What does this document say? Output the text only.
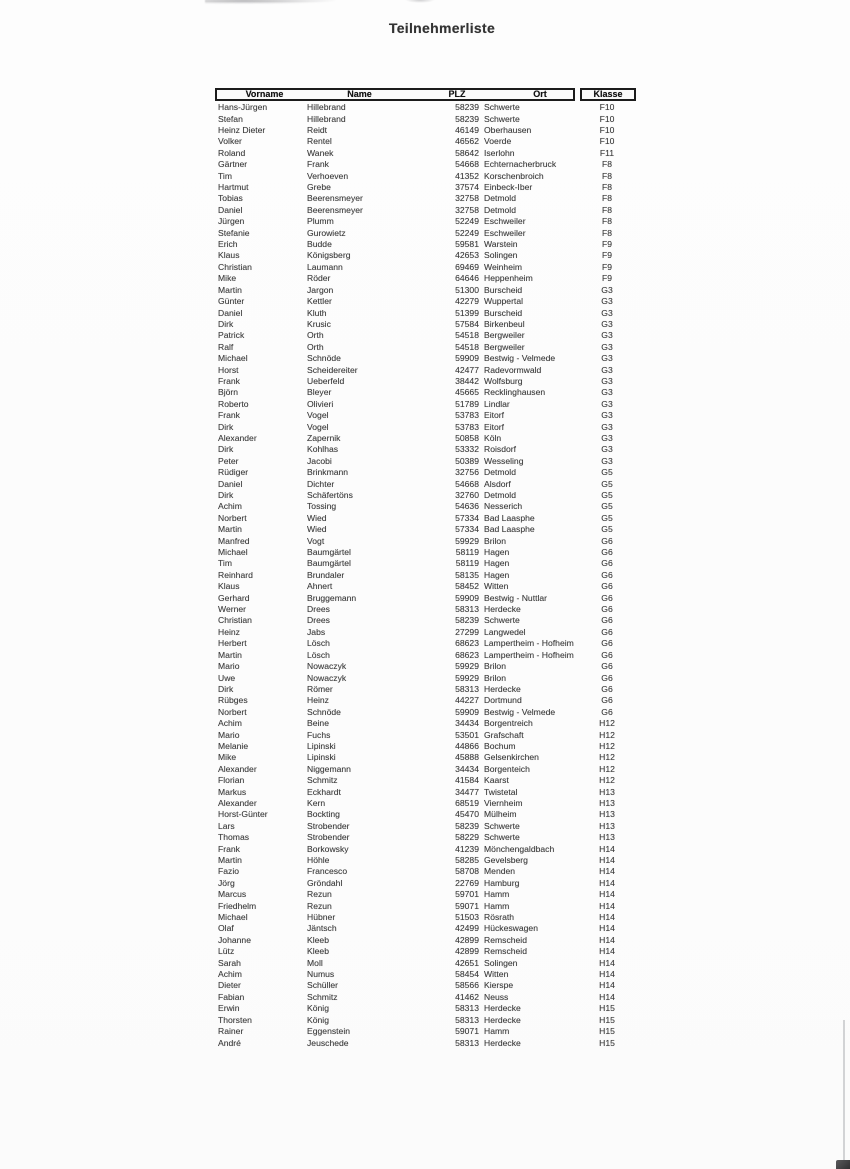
Teilnehmerliste
Vorname	Name	PLZ	Ort	Klasse
Hans-Jürgen	Hillebrand	58239 Schwerte	F10
Stefan	Hillebrand	58239 Schwerte	F10
Heinz Dieter	Reidt	46149 Oberhausen	F10
Volker	Rentel	46562 Voerde	F10
Roland	Wanek	58642 Iserlohn	F11
Gärtner	Frank	54668 Echternacherbruck	F8
Tim	Verhoeven	41352 Korschenbroich	F8
Hartmut	Grebe	37574 Einbeck-Iber	F8
Tobias	Beerensmeyer	32758 Detmold	F8
Daniel	Beerensmeyer	32758 Detmold	F8
Jürgen	Plumm	52249 Eschweiler	F8
Stefanie	Gurowietz	52249 Eschweiler	F8
Erich	Budde	59581 Warstein	F9
Klaus	Königsberg	42653 Solingen	F9
Christian	Laumann	69469 Weinheim	F9
Mike	Röder	64646 Heppenheim	F9
Martin	Jargon	51300 Burscheid	G3
Günter	Kettler	42279 Wuppertal	G3
Daniel	Kluth	51399 Burscheid	G3
Dirk	Krusic	57584 Birkenbeul	G3
Patrick	Orth	54518 Bergweiler	G3
Ralf	Orth	54518 Bergweiler	G3
Michael	Schnöde	59909 Bestwig - Velmede	G3
Horst	Scheidereiter	42477 Radevormwald	G3
Frank	Ueberfeld	38442 Wolfsburg	G3
Björn	Bleyer	45665 Recklinghausen	G3
Roberto	Olivieri	51789 Lindlar	G3
Frank	Vogel	53783 Eitorf	G3
Dirk	Vogel	53783 Eitorf	G3
Alexander	Zapernik	50858 Köln	G3
Dirk	Kohlhas	53332 Roisdorf	G3
Peter	Jacobi	50389 Wesseling	G3
Rüdiger	Brinkmann	32756 Detmold	G5
Daniel	Dichter	54668 Alsdorf	G5
Dirk	Schäfertöns	32760 Detmold	G5
Achim	Tossing	54636 Nesserich	G5
Norbert	Wied	57334 Bad Laasphe	G5
Martin	Wied	57334 Bad Laasphe	G5
Manfred	Vogt	59929 Brilon	G6
Michael	Baumgärtel	58119 Hagen	G6
Tim	Baumgärtel	58119 Hagen	G6
Reinhard	Brundaler	58135 Hagen	G6
Klaus	Ahnert	58452 Witten	G6
Gerhard	Bruggemann	59909 Bestwig - Nuttlar	G6
Werner	Drees	58313 Herdecke	G6
Christian	Drees	58239 Schwerte	G6
Heinz	Jabs	27299 Langwedel	G6
Herbert	Lösch	68623 Lampertheim - Hofheim	G6
Martin	Lösch	68623 Lampertheim - Hofheim	G6
Mario	Nowaczyk	59929 Brilon	G6
Uwe	Nowaczyk	59929 Brilon	G6
Dirk	Römer	58313 Herdecke	G6
Rübges	Heinz	44227 Dortmund	G6
Norbert	Schnöde	59909 Bestwig - Velmede	G6
Achim	Beine	34434 Borgentreich	H12
Mario	Fuchs	53501 Grafschaft	H12
Melanie	Lipinski	44866 Bochum	H12
Mike	Lipinski	45888 Gelsenkirchen	H12
Alexander	Niggemann	34434 Borgenteich	H12
Florian	Schmitz	41584 Kaarst	H12
Markus	Eckhardt	34477 Twistetal	H13
Alexander	Kern	68519 Viernheim	H13
Horst-Günter	Bockting	45470 Mülheim	H13
Lars	Strobender	58239 Schwerte	H13
Thomas	Strobender	58229 Schwerte	H13
Frank	Borkowsky	41239 Mönchengaldbach	H14
Martin	Höhle	58285 Gevelsberg	H14
Fazio	Francesco	58708 Menden	H14
Jörg	Gröndahl	22769 Hamburg	H14
Marcus	Rezun	59701 Hamm	H14
Friedhelm	Rezun	59071 Hamm	H14
Michael	Hübner	51503 Rösrath	H14
Olaf	Jäntsch	42499 Hückeswagen	H14
Johanne	Kleeb	42899 Remscheid	H14
Lütz	Kleeb	42899 Remscheid	H14
Sarah	Moll	42651 Solingen	H14
Achim	Numus	58454 Witten	H14
Dieter	Schüller	58566 Kierspe	H14
Fabian	Schmitz	41462 Neuss	H14
Erwin	König	58313 Herdecke	H15
Thorsten	König	58313 Herdecke	H15
Rainer	Eggenstein	59071 Hamm	H15
André	Jeuschede	58313 Herdecke	H15
